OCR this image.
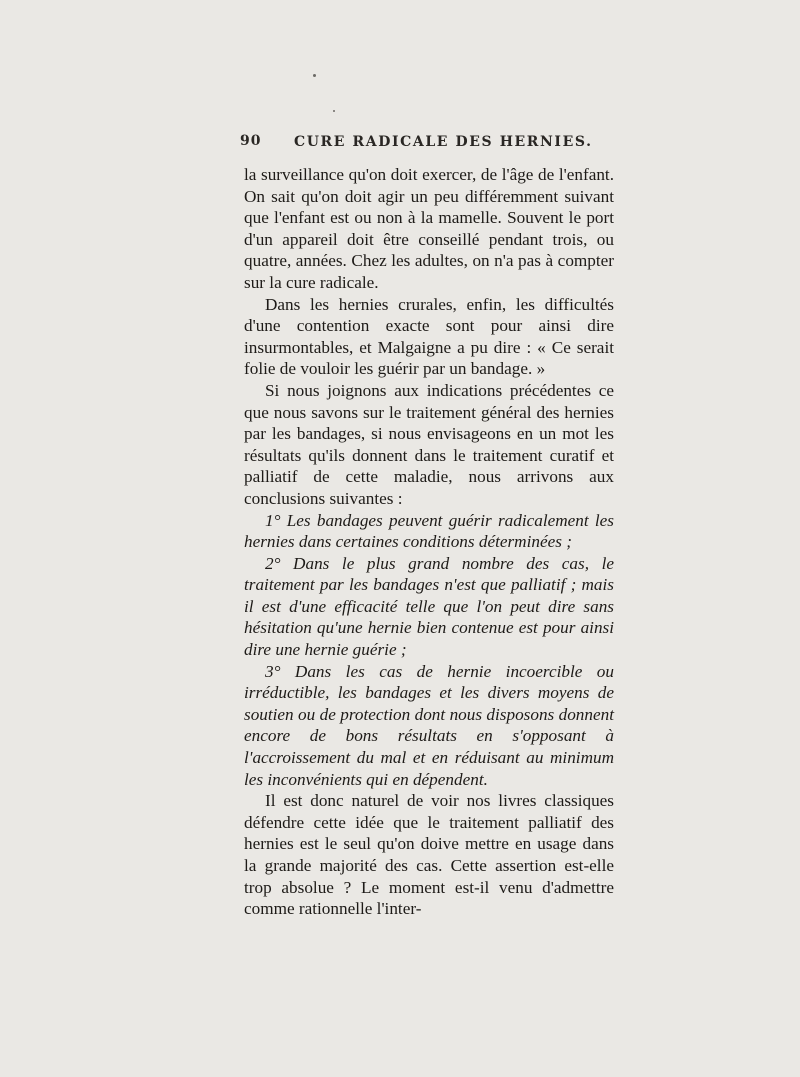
90 CURE RADICALE DES HERNIES.

la surveillance qu'on doit exercer, de l'âge de l'enfant. On sait qu'on doit agir un peu différemment suivant que l'enfant est ou non à la mamelle. Souvent le port d'un appareil doit être conseillé pendant trois, ou quatre, années. Chez les adultes, on n'a pas à compter sur la cure radicale.

Dans les hernies crurales, enfin, les difficultés d'une contention exacte sont pour ainsi dire insurmontables, et Malgaigne a pu dire : « Ce serait folie de vouloir les guérir par un bandage. »

Si nous joignons aux indications précédentes ce que nous savons sur le traitement général des hernies par les bandages, si nous envisageons en un mot les résultats qu'ils donnent dans le traitement curatif et palliatif de cette maladie, nous arrivons aux conclusions suivantes :

1° Les bandages peuvent guérir radicalement les hernies dans certaines conditions déterminées ;

2° Dans le plus grand nombre des cas, le traitement par les bandages n'est que palliatif ; mais il est d'une efficacité telle que l'on peut dire sans hésitation qu'une hernie bien contenue est pour ainsi dire une hernie guérie ;

3° Dans les cas de hernie incoercible ou irréductible, les bandages et les divers moyens de soutien ou de protection dont nous disposons donnent encore de bons résultats en s'opposant à l'accroissement du mal et en réduisant au minimum les inconvénients qui en dépendent.

Il est donc naturel de voir nos livres classiques défendre cette idée que le traitement palliatif des hernies est le seul qu'on doive mettre en usage dans la grande majorité des cas. Cette assertion est-elle trop absolue ? Le moment est-il venu d'admettre comme rationnelle l'inter-
